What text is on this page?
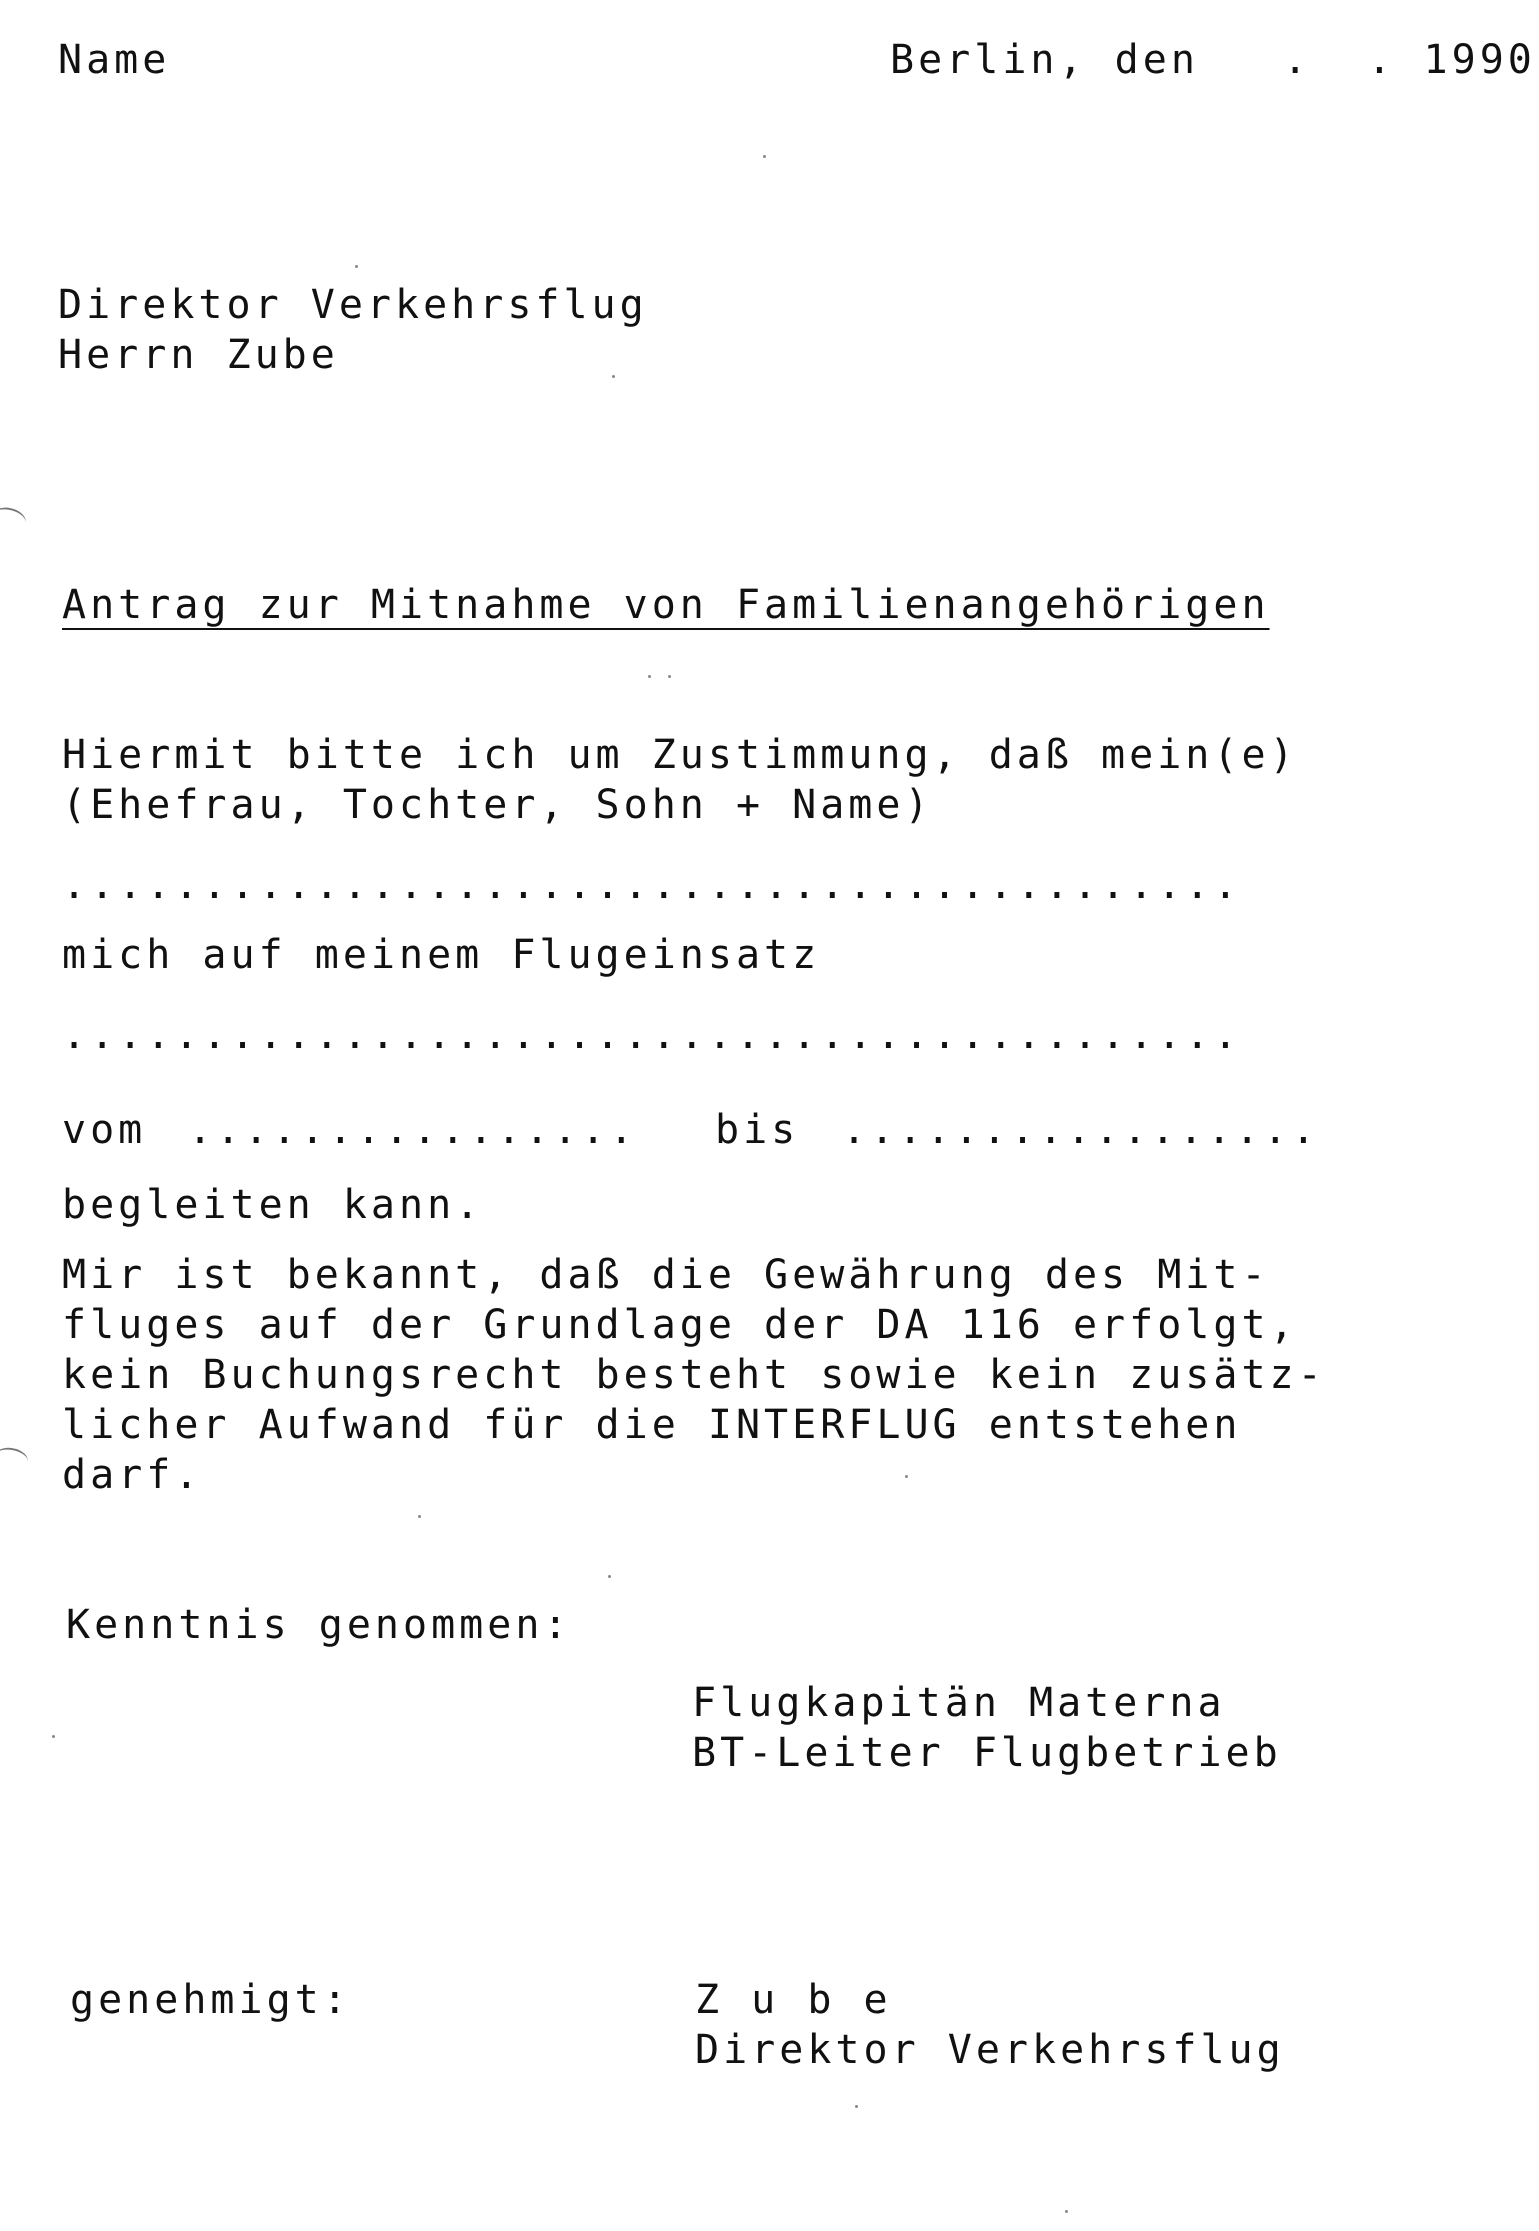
Name	Berlin, den   .  . 1990
Direktor Verkehrsflug
Herrn Zube
Antrag zur Mitnahme von Familienangehörigen
Hiermit bitte ich um Zustimmung, daß mein(e)
(Ehefrau, Tochter, Sohn + Name)
..........................................
mich auf meinem Flugeinsatz
..........................................
vom ................ bis .................
begleiten kann.
Mir ist bekannt, daß die Gewährung des Mit-
fluges auf der Grundlage der DA 116 erfolgt,
kein Buchungsrecht besteht sowie kein zusätz-
licher Aufwand für die INTERFLUG entstehen
darf.
Kenntnis genommen:
Flugkapitän Materna
BT-Leiter Flugbetrieb
genehmigt:	Z u b e
Direktor Verkehrsflug
